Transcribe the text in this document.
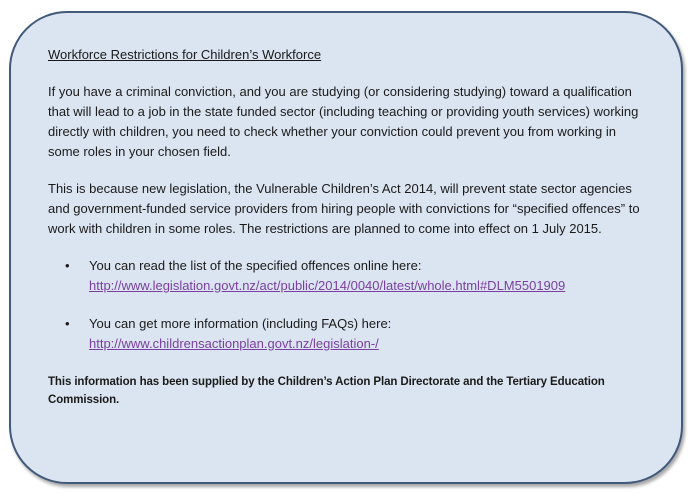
Workforce Restrictions for Children’s Workforce

If you have a criminal conviction, and you are studying (or considering studying) toward a qualification that will lead to a job in the state funded sector (including teaching or providing youth services) working directly with children, you need to check whether your conviction could prevent you from working in some roles in your chosen field.

This is because new legislation, the Vulnerable Children’s Act 2014, will prevent state sector agencies and government-funded service providers from hiring people with convictions for “specified offences” to work with children in some roles. The restrictions are planned to come into effect on 1 July 2015.

• You can read the list of the specified offences online here:
http://www.legislation.govt.nz/act/public/2014/0040/latest/whole.html#DLM5501909
• You can get more information (including FAQs) here:
http://www.childrensactionplan.govt.nz/legislation-/
This information has been supplied by the Children’s Action Plan Directorate and the Tertiary Education Commission.
